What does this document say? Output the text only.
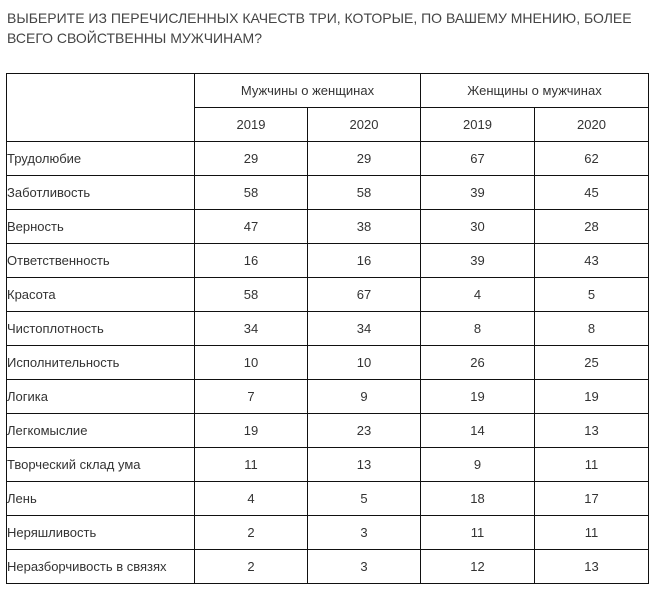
ВЫБЕРИТЕ ИЗ ПЕРЕЧИСЛЕННЫХ КАЧЕСТВ ТРИ, КОТОРЫЕ, ПО ВАШЕМУ МНЕНИЮ, БОЛЕЕ ВСЕГО СВОЙСТВЕННЫ МУЖЧИНАМ?

	Мужчины о женщинах		Женщины о мужчинах	
	2019	2020	2019	2020
Трудолюбие	29	29	67	62
Заботливость	58	58	39	45
Верность	47	38	30	28
Ответственность	16	16	39	43
Красота	58	67	4	5
Чистоплотность	34	34	8	8
Исполнительность	10	10	26	25
Логика	7	9	19	19
Легкомыслие	19	23	14	13
Творческий склад ума	11	13	9	11
Лень	4	5	18	17
Неряшливость	2	3	11	11
Неразборчивость в связях	2	3	12	13
